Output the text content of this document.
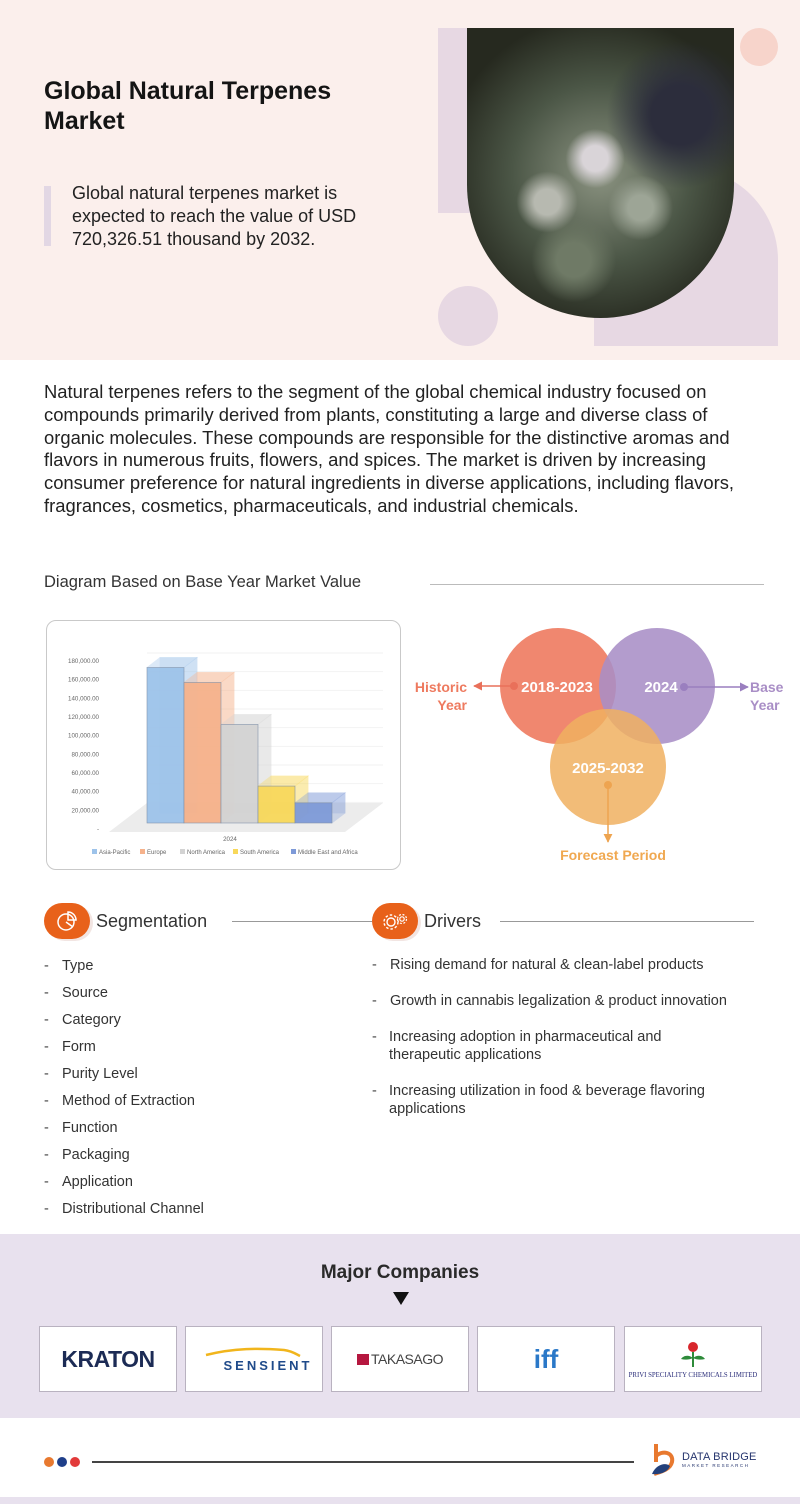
Global Natural Terpenes Market

Global natural terpenes market is expected to reach the value of USD 720,326.51 thousand by 2032.

Natural terpenes refers to the segment of the global chemical industry focused on compounds primarily derived from plants, constituting a large and diverse class of organic molecules. These compounds are responsible for the distinctive aromas and flavors in numerous fruits, flowers, and spices. The market is driven by increasing consumer preference for natural ingredients in diverse applications, including flavors, fragrances, cosmetics, pharmaceuticals, and industrial chemicals.

Diagram Based on Base Year Market Value
-
20,000.00
40,000.00
60,000.00
80,000.00
100,000.00
120,000.00
140,000.00
160,000.00
180,000.00
2024
Asia-Pacific	Europe	North America South America	Middle East and Africa
2018-2023	2024
2025-2032
Historic
Year
Base
Year
Forecast Period
Segmentation	Drivers
- Type
- Source
- Category
- Form
- Purity Level
- Method of Extraction
- Function
- Packaging
- Application
- Distributional Channel
- Rising demand for natural & clean-label products
- Growth in cannabis legalization & product innovation
- Increasing adoption in pharmaceutical and therapeutic applications
- Increasing utilization in food & beverage flavoring applications
Major Companies
KRATON	SENSIENT	TAKASAGO	iff
PRIVI SPECIALITY CHEMICALS LIMITED
DATA BRIDGE
MARKET RESEARCH
